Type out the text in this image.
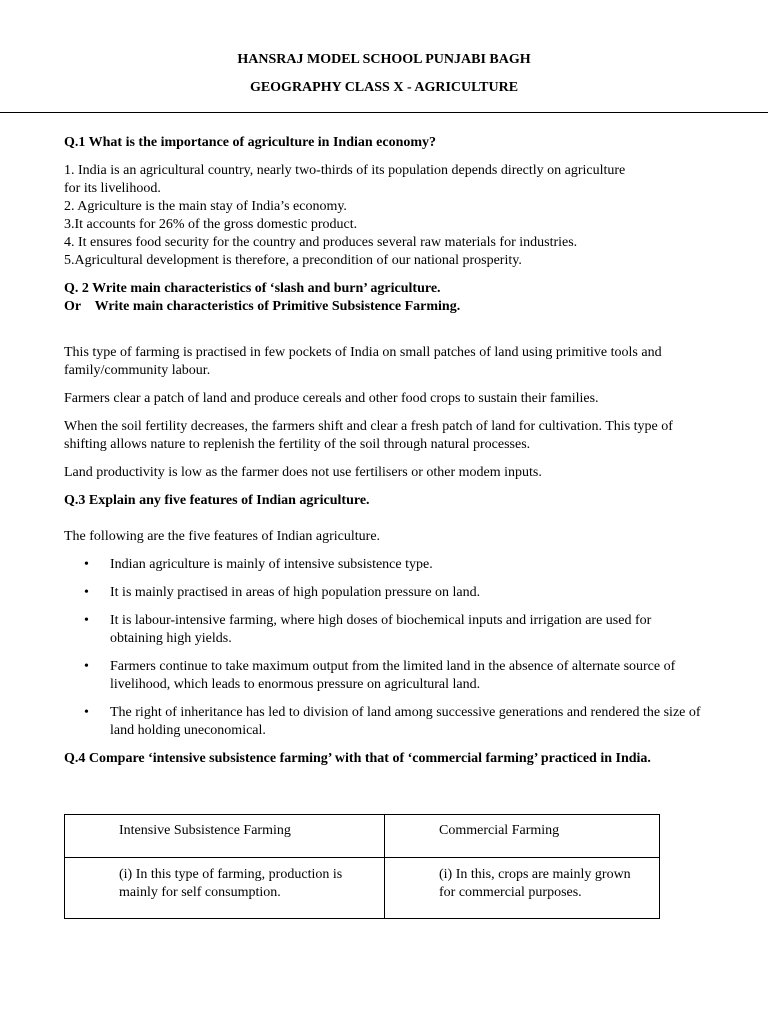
HANSRAJ MODEL SCHOOL PUNJABI BAGH
GEOGRAPHY CLASS X - AGRICULTURE

Q.1 What is the importance of agriculture in Indian economy?

1. India is an agricultural country, nearly two-thirds of its population depends directly on agriculture

for its livelihood.

2. Agriculture is the main stay of India’s economy.

3.It accounts for 26% of the gross domestic product.

4. It ensures food security for the country and produces several raw materials for industries.

5.Agricultural development is therefore, a precondition of our national prosperity.

Q. 2 Write main characteristics of ‘slash and burn’ agriculture.

Or    Write main characteristics of Primitive Subsistence Farming.

This type of farming is practised in few pockets of India on small patches of land using primitive tools and family/community labour.

Farmers clear a patch of land and produce cereals and other food crops to sustain their families.

When the soil fertility decreases, the farmers shift and clear a fresh patch of land for cultivation. This type of shifting allows nature to replenish the fertility of the soil through natural processes.

Land productivity is low as the farmer does not use fertilisers or other modem inputs.

Q.3 Explain any five features of Indian agriculture.

The following are the five features of Indian agriculture.

• Indian agriculture is mainly of intensive subsistence type.
• It is mainly practised in areas of high population pressure on land.
• It is labour-intensive farming, where high doses of biochemical inputs and irrigation are used for obtaining high yields.
• Farmers continue to take maximum output from the limited land in the absence of alternate source of livelihood, which leads to enormous pressure on agricultural land.
• The right of inheritance has led to division of land among successive generations and rendered the size of land holding uneconomical.

Q.4 Compare ‘intensive subsistence farming’ with that of ‘commercial farming’ practiced in India.

Intensive Subsistence Farming	Commercial Farming

(i) In this type of farming, production is mainly for self consumption.	(i) In this, crops are mainly grown for commercial purposes.
